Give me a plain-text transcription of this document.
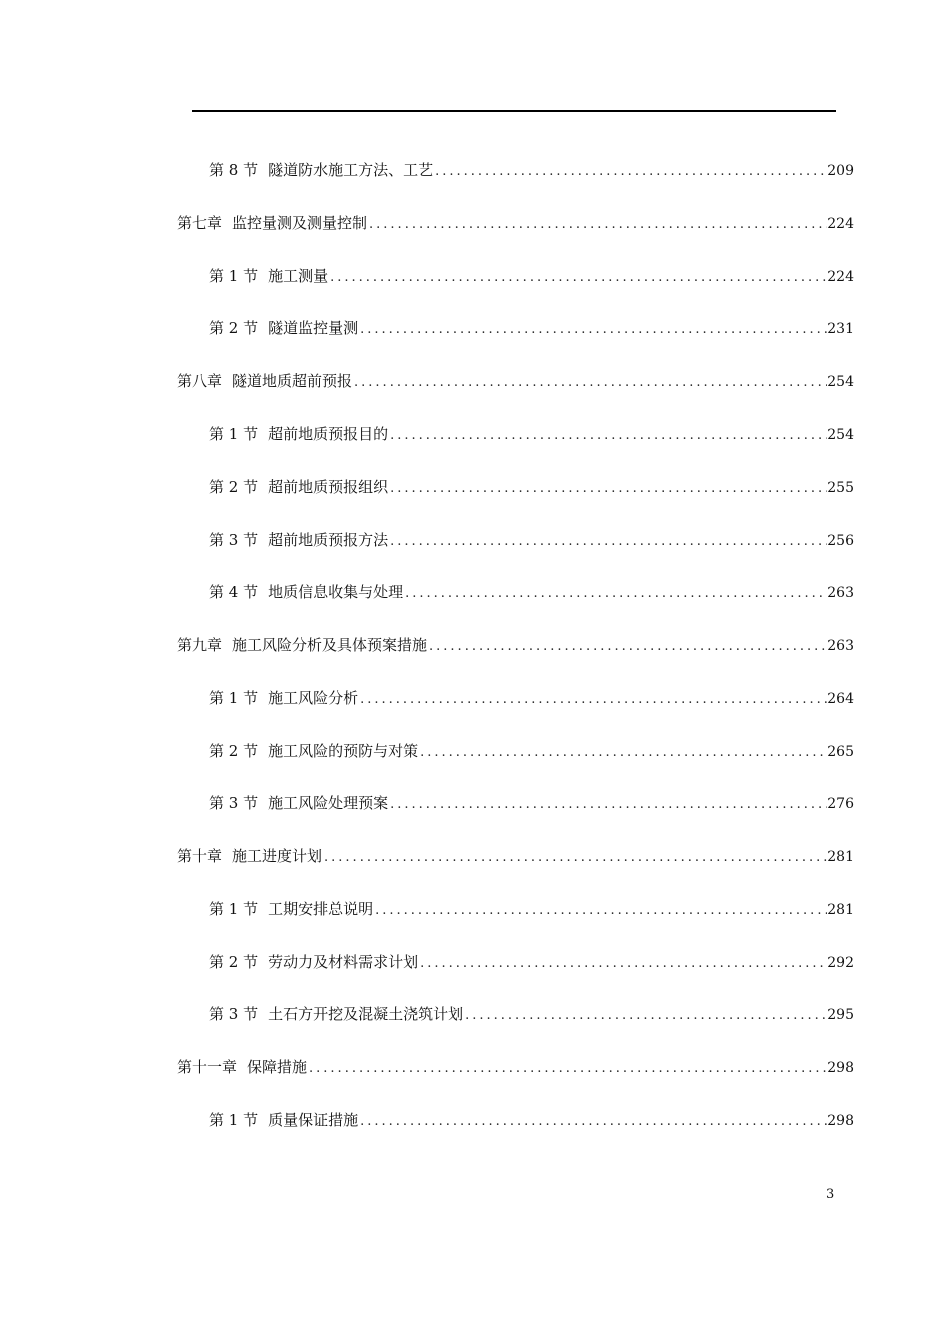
第 8 节 隧道防水施工方法、工艺 .....	209
第七章 监控量测及测量控制 .....	224
第 1 节 施工测量 .....	224
第 2 节 隧道监控量测 .....	231
第八章 隧道地质超前预报 .....	254
第 1 节 超前地质预报目的 .....	254
第 2 节 超前地质预报组织 .....	255
第 3 节 超前地质预报方法 .....	256
第 4 节 地质信息收集与处理 .....	263
第九章 施工风险分析及具体预案措施 .....	263
第 1 节 施工风险分析 .....	264
第 2 节 施工风险的预防与对策 .....	265
第 3 节 施工风险处理预案 .....	276
第十章 施工进度计划 .....	281
第 1 节 工期安排总说明 .....	281
第 2 节 劳动力及材料需求计划 .....	292
第 3 节 土石方开挖及混凝土浇筑计划 .....	295
第十一章 保障措施 .....	298
第 1 节 质量保证措施 .....	298
3
